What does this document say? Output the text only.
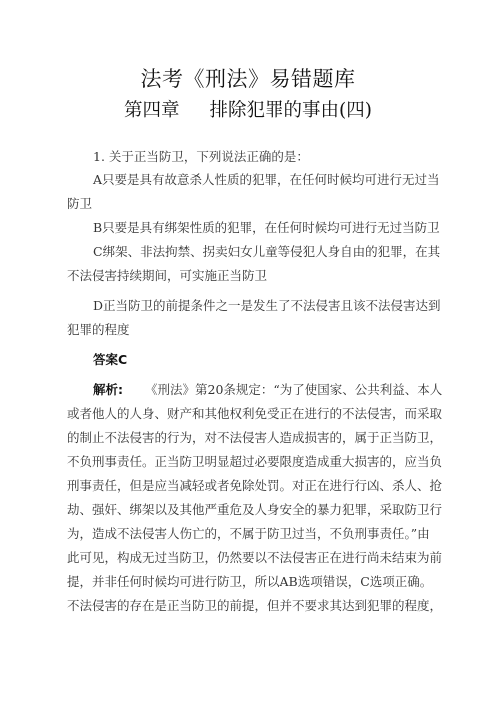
法考《刑法》易错题库
第四章 排除犯罪的事由(四)
1. 关于正当防卫，下列说法正确的是：
A只要是具有故意杀人性质的犯罪，在任何时候均可进行无过当
防卫
B只要是具有绑架性质的犯罪，在任何时候均可进行无过当防卫
C绑架、非法拘禁、拐卖妇女儿童等侵犯人身自由的犯罪，在其
不法侵害持续期间，可实施正当防卫
D正当防卫的前提条件之一是发生了不法侵害且该不法侵害达到
犯罪的程度
答案C
解析: 《刑法》第20条规定：“为了使国家、公共利益、本人
或者他人的人身、财产和其他权利免受正在进行的不法侵害，而采取
的制止不法侵害的行为，对不法侵害人造成损害的，属于正当防卫，
不负刑事责任。正当防卫明显超过必要限度造成重大损害的，应当负
刑事责任，但是应当减轻或者免除处罚。对正在进行行凶、杀人、抢
劫、强奸、绑架以及其他严重危及人身安全的暴力犯罪，采取防卫行
为，造成不法侵害人伤亡的，不属于防卫过当，不负刑事责任。”由
此可见，构成无过当防卫，仍然要以不法侵害正在进行尚未结束为前
提，并非任何时候均可进行防卫，所以AB选项错误，C选项正确。
不法侵害的存在是正当防卫的前提，但并不要求其达到犯罪的程度，
